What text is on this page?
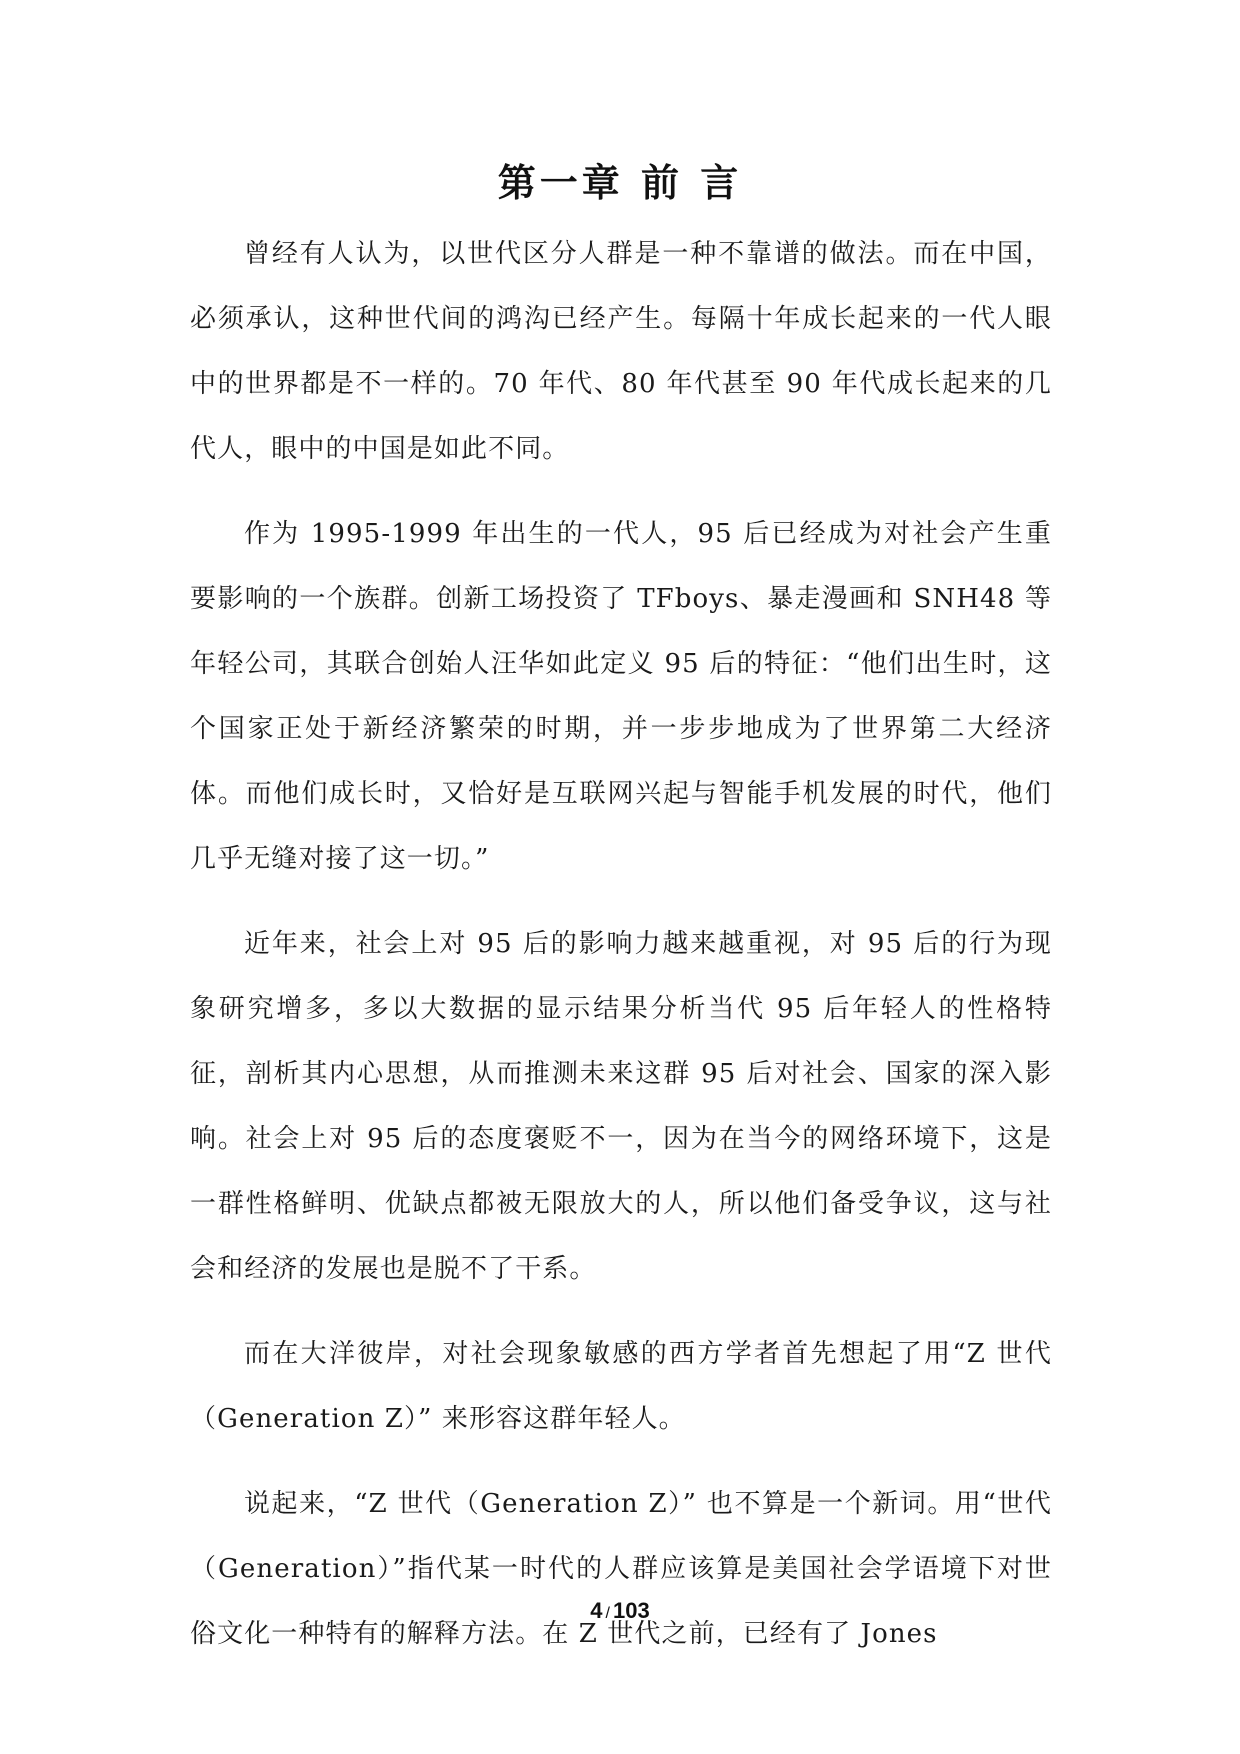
第一章 前 言

曾经有人认为，以世代区分人群是一种不靠谱的做法。而在中国，必须承认，这种世代间的鸿沟已经产生。每隔十年成长起来的一代人眼中的世界都是不一样的。70 年代、80 年代甚至 90 年代成长起来的几代人，眼中的中国是如此不同。

作为 1995-1999 年出生的一代人，95 后已经成为对社会产生重要影响的一个族群。创新工场投资了 TFboys、暴走漫画和 SNH48 等年轻公司，其联合创始人汪华如此定义 95 后的特征：“他们出生时，这个国家正处于新经济繁荣的时期，并一步步地成为了世界第二大经济体。而他们成长时，又恰好是互联网兴起与智能手机发展的时代，他们几乎无缝对接了这一切。”

近年来，社会上对 95 后的影响力越来越重视，对 95 后的行为现象研究增多，多以大数据的显示结果分析当代 95 后年轻人的性格特征，剖析其内心思想，从而推测未来这群 95 后对社会、国家的深入影响。社会上对 95 后的态度褒贬不一，因为在当今的网络环境下，这是一群性格鲜明、优缺点都被无限放大的人，所以他们备受争议，这与社会和经济的发展也是脱不了干系。

而在大洋彼岸，对社会现象敏感的西方学者首先想起了用“Z 世代（Generation Z）” 来形容这群年轻人。

说起来，“Z 世代（Generation Z）” 也不算是一个新词。用“世代（Generation）”指代某一时代的人群应该算是美国社会学语境下对世俗文化一种特有的解释方法。在 Z 世代之前，已经有了 Jones

4 / 103
